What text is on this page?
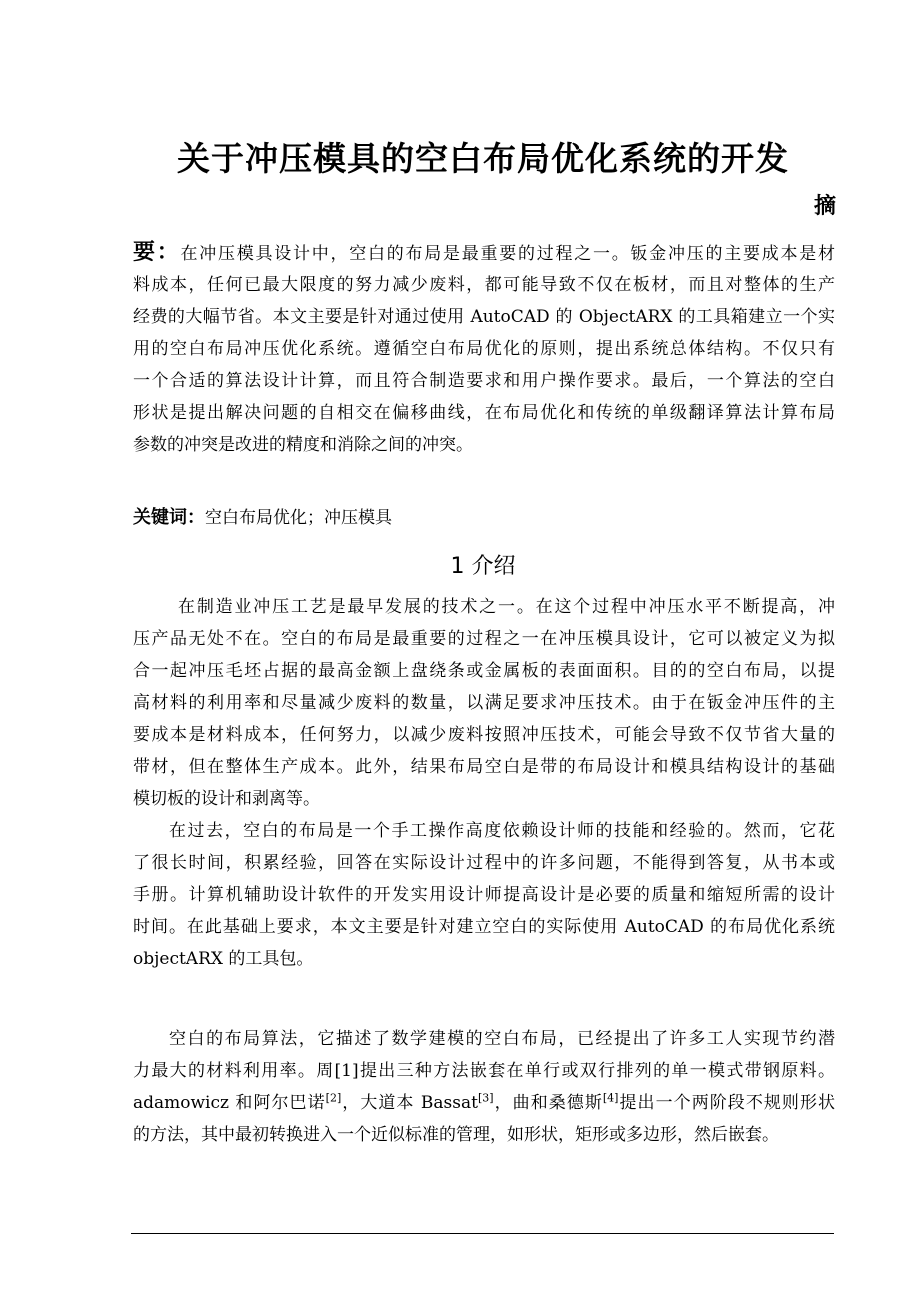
关于冲压模具的空白布局优化系统的开发
摘
要：在冲压模具设计中，空白的布局是最重要的过程之一。钣金冲压的主要成本是材
料成本，任何已最大限度的努力减少废料，都可能导致不仅在板材，而且对整体的生产
经费的大幅节省。本文主要是针对通过使用 AutoCAD 的 ObjectARX 的工具箱建立一个实
用的空白布局冲压优化系统。遵循空白布局优化的原则，提出系统总体结构。不仅只有
一个合适的算法设计计算，而且符合制造要求和用户操作要求。最后，一个算法的空白
形状是提出解决问题的自相交在偏移曲线，在布局优化和传统的单级翻译算法计算布局
参数的冲突是改进的精度和消除之间的冲突。
关键词：空白布局优化；冲压模具
1 介绍
在制造业冲压工艺是最早发展的技术之一。在这个过程中冲压水平不断提高，冲
压产品无处不在。空白的布局是最重要的过程之一在冲压模具设计，它可以被定义为拟
合一起冲压毛坯占据的最高金额上盘绕条或金属板的表面面积。目的的空白布局，以提
高材料的利用率和尽量减少废料的数量，以满足要求冲压技术。由于在钣金冲压件的主
要成本是材料成本，任何努力，以减少废料按照冲压技术，可能会导致不仅节省大量的
带材，但在整体生产成本。此外，结果布局空白是带的布局设计和模具结构设计的基础
模切板的设计和剥离等。
在过去，空白的布局是一个手工操作高度依赖设计师的技能和经验的。然而，它花
了很长时间，积累经验，回答在实际设计过程中的许多问题，不能得到答复，从书本或
手册。计算机辅助设计软件的开发实用设计师提高设计是必要的质量和缩短所需的设计
时间。在此基础上要求，本文主要是针对建立空白的实际使用 AutoCAD 的布局优化系统
objectARX 的工具包。
空白的布局算法，它描述了数学建模的空白布局，已经提出了许多工人实现节约潜
力最大的材料利用率。周[1]提出三种方法嵌套在单行或双行排列的单一模式带钢原料。
adamowicz 和阿尔巴诺[2]，大道本 Bassat[3]，曲和桑德斯[4]提出一个两阶段不规则形状
的方法，其中最初转换进入一个近似标准的管理，如形状，矩形或多边形，然后嵌套。
